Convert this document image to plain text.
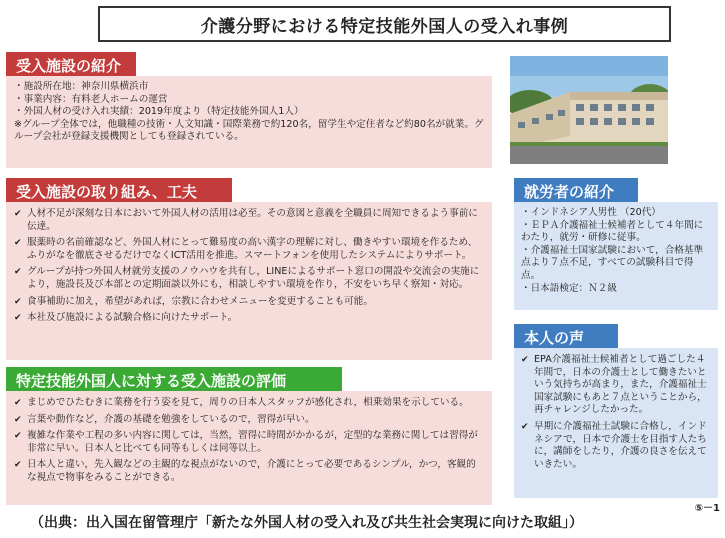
介護分野における特定技能外国人の受入れ事例
受入施設の紹介
・施設所在地：神奈川県横浜市
・事業内容：有料老人ホームの運営
・外国人材の受け入れ実績：2019年度より（特定技能外国人1人）
※グループ全体では，他職種の技術・人文知識・国際業務で約120名，留学生や定住者など約80名が就業。グループ会社が登録支援機関としても登録されている。
受入施設の取り組み、工夫
✔ 人材不足が深刻な日本において外国人材の活用は必至。その意図と意義を全職員に周知できるよう事前に伝達。
✔ 服薬時の名前確認など、外国人材にとって難易度の高い漢字の理解に対し、働きやすい環境を作るため、ふりがなを徹底させるだけでなくICT活用を推進。スマートフォンを使用したシステムによりサポート。
✔ グループが持つ外国人材就労支援のノウハウを共有し，LINEによるサポート窓口の開設や交流会の実施により，施設長及び本部との定期面談以外にも，相談しやすい環境を作り，不安をいち早く察知・対応。
✔ 食事補助に加え，希望があれば，宗教に合わせメニューを変更することも可能。
✔ 本社及び施設による試験合格に向けたサポート。
特定技能外国人に対する受入施設の評価
✔ まじめでひたむきに業務を行う姿を見て，周りの日本人スタッフが感化され，相乗効果を示している。
✔ 言葉や動作など，介護の基礎を勉強をしているので，習得が早い。
✔ 複雑な作業や工程の多い内容に関しては，当然，習得に時間がかかるが，定型的な業務に関しては習得が非常に早い。日本人と比べても同等もしくは同等以上。
✔ 日本人と違い，先入観などの主観的な視点がないので，介護にとって必要であるシンプル，かつ，客観的な視点で物事をみることができる。
就労者の紹介
・インドネシア人男性 （20代）
・ＥＰＡ介護福祉士候補者として４年間にわたり，就労・研修に従事。
・介護福祉士国家試験において，合格基準点より７点不足，すべての試験科目で得点。
・日本語検定：Ｎ２級
本人の声
✔ EPA介護福祉士候補者として過ごした４年間で，日本の介護士として働きたいという気持ちが高まり，また，介護福祉士国家試験にもあと７点ということから，再チャレンジしたかった。
✔ 早期に介護福祉士試験に合格し，インドネシアで，日本で介護士を目指す人たちに，講師をしたり，介護の良さを伝えていきたい。
⑤－1
（出典：出入国在留管理庁「新たな外国人材の受入れ及び共生社会実現に向けた取組」）
